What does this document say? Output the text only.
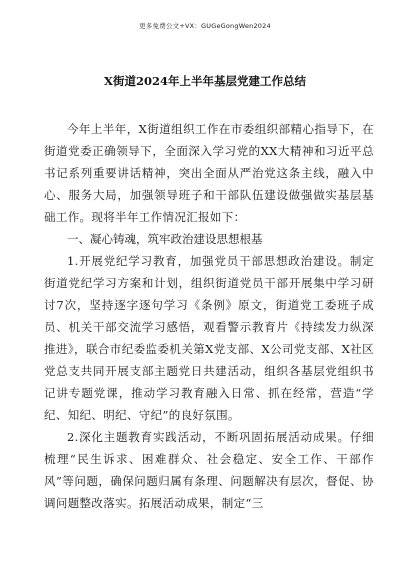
更多免费公文+VX：GUGeGongWen2024
X街道2024年上半年基层党建工作总结

今年上半年，X街道组织工作在市委组织部精心指导下，在街道党委正确领导下，全面深入学习党的XX大精神和习近平总书记系列重要讲话精神，突出全面从严治党这条主线，融入中心、服务大局，加强领导班子和干部队伍建设做强做实基层基础工作。现将半年工作情况汇报如下：

一、凝心铸魂，筑牢政治建设思想根基

1.开展党纪学习教育，加强党员干部思想政治建设。制定街道党纪学习方案和计划，组织街道党员干部开展集中学习研讨7次，坚持逐字逐句学习《条例》原文，街道党工委班子成员、机关干部交流学习感悟，观看警示教育片《持续发力纵深推进》，联合市纪委监委机关第X党支部、X公司党支部、X社区党总支共同开展支部主题党日共建活动，组织各基层党组织书记讲专题党课，推动学习教育融入日常、抓在经常，营造“学纪、知纪、明纪、守纪”的良好氛围。

2.深化主题教育实践活动，不断巩固拓展活动成果。仔细梳理“民生诉求、困难群众、社会稳定、安全工作、干部作风”等问题，确保问题归属有条理、问题解决有层次，督促、协调问题整改落实。拓展活动成果，制定“三
